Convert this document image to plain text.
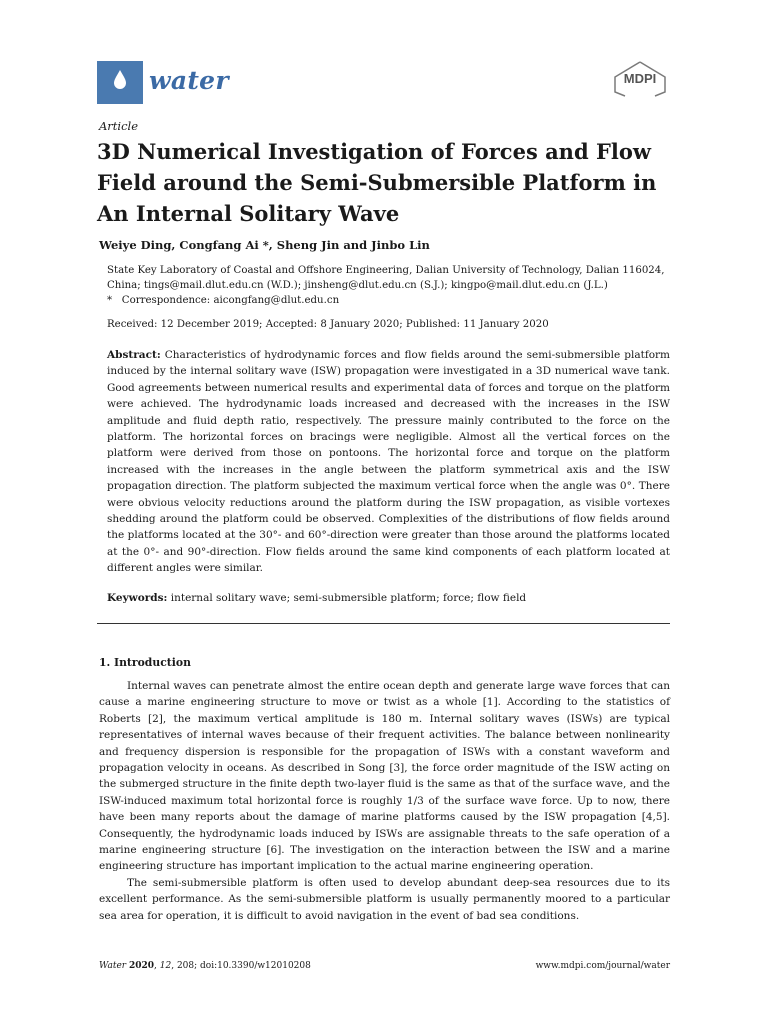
water	MDPI
Article
3D Numerical Investigation of Forces and Flow Field around the Semi-Submersible Platform in An Internal Solitary Wave
Weiye Ding, Congfang Ai *, Sheng Jin and Jinbo Lin
State Key Laboratory of Coastal and Offshore Engineering, Dalian University of Technology, Dalian 116024,
China; tings@mail.dlut.edu.cn (W.D.); jinsheng@dlut.edu.cn (S.J.); kingpo@mail.dlut.edu.cn (J.L.)
*   Correspondence: aicongfang@dlut.edu.cn
Received: 12 December 2019; Accepted: 8 January 2020; Published: 11 January 2020
Abstract: Characteristics of hydrodynamic forces and flow fields around the semi-submersible platform induced by the internal solitary wave (ISW) propagation were investigated in a 3D numerical wave tank. Good agreements between numerical results and experimental data of forces and torque on the platform were achieved. The hydrodynamic loads increased and decreased with the increases in the ISW amplitude and fluid depth ratio, respectively. The pressure mainly contributed to the force on the platform. The horizontal forces on bracings were negligible. Almost all the vertical forces on the platform were derived from those on pontoons. The horizontal force and torque on the platform increased with the increases in the angle between the platform symmetrical axis and the ISW propagation direction. The platform subjected the maximum vertical force when the angle was 0°. There were obvious velocity reductions around the platform during the ISW propagation, as visible vortexes shedding around the platform could be observed. Complexities of the distributions of flow fields around the platforms located at the 30°- and 60°-direction were greater than those around the platforms located at the 0°- and 90°-direction. Flow fields around the same kind components of each platform located at different angles were similar.
Keywords: internal solitary wave; semi-submersible platform; force; flow field
1. Introduction

Internal waves can penetrate almost the entire ocean depth and generate large wave forces that can cause a marine engineering structure to move or twist as a whole [1]. According to the statistics of Roberts [2], the maximum vertical amplitude is 180 m. Internal solitary waves (ISWs) are typical representatives of internal waves because of their frequent activities. The balance between nonlinearity and frequency dispersion is responsible for the propagation of ISWs with a constant waveform and propagation velocity in oceans. As described in Song [3], the force order magnitude of the ISW acting on the submerged structure in the finite depth two-layer fluid is the same as that of the surface wave, and the ISW-induced maximum total horizontal force is roughly 1/3 of the surface wave force. Up to now, there have been many reports about the damage of marine platforms caused by the ISW propagation [4,5]. Consequently, the hydrodynamic loads induced by ISWs are assignable threats to the safe operation of a marine engineering structure [6]. The investigation on the interaction between the ISW and a marine engineering structure has important implication to the actual marine engineering operation.

The semi-submersible platform is often used to develop abundant deep-sea resources due to its excellent performance. As the semi-submersible platform is usually permanently moored to a particular sea area for operation, it is difficult to avoid navigation in the event of bad sea conditions.

Water 2020, 12, 208; doi:10.3390/w12010208	www.mdpi.com/journal/water
